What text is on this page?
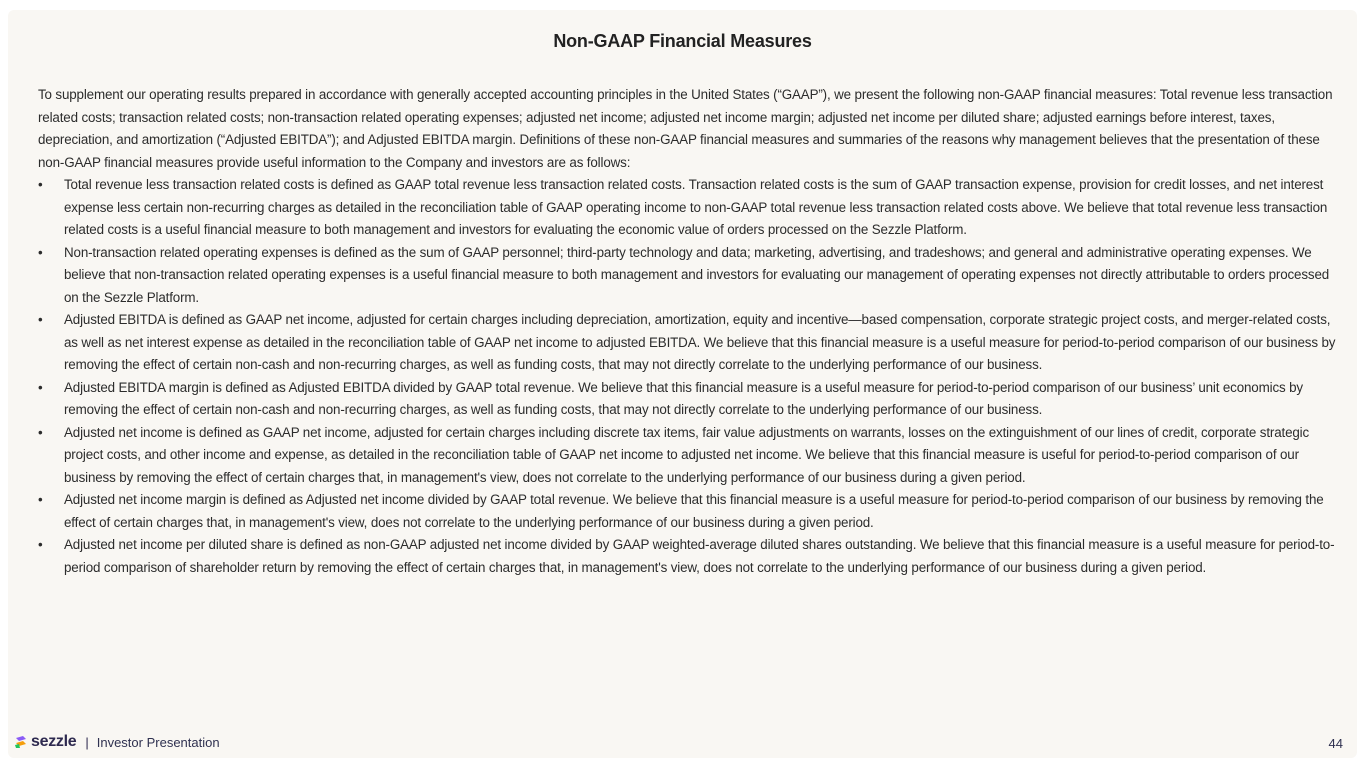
Non-GAAP Financial Measures

To supplement our operating results prepared in accordance with generally accepted accounting principles in the United States (“GAAP”), we present the following non-GAAP financial measures: Total revenue less transaction related costs; transaction related costs; non-transaction related operating expenses; adjusted net income; adjusted net income margin; adjusted net income per diluted share; adjusted earnings before interest, taxes, depreciation, and amortization (“Adjusted EBITDA”); and Adjusted EBITDA margin. Definitions of these non-GAAP financial measures and summaries of the reasons why management believes that the presentation of these non-GAAP financial measures provide useful information to the Company and investors are as follows:

• Total revenue less transaction related costs is defined as GAAP total revenue less transaction related costs. Transaction related costs is the sum of GAAP transaction expense, provision for credit losses, and net interest expense less certain non-recurring charges as detailed in the reconciliation table of GAAP operating income to non-GAAP total revenue less transaction related costs above. We believe that total revenue less transaction related costs is a useful financial measure to both management and investors for evaluating the economic value of orders processed on the Sezzle Platform.
• Non-transaction related operating expenses is defined as the sum of GAAP personnel; third-party technology and data; marketing, advertising, and tradeshows; and general and administrative operating expenses. We believe that non-transaction related operating expenses is a useful financial measure to both management and investors for evaluating our management of operating expenses not directly attributable to orders processed on the Sezzle Platform.
• Adjusted EBITDA is defined as GAAP net income, adjusted for certain charges including depreciation, amortization, equity and incentive—based compensation, corporate strategic project costs, and merger-related costs, as well as net interest expense as detailed in the reconciliation table of GAAP net income to adjusted EBITDA. We believe that this financial measure is a useful measure for period-to-period comparison of our business by removing the effect of certain non-cash and non-recurring charges, as well as funding costs, that may not directly correlate to the underlying performance of our business.
• Adjusted EBITDA margin is defined as Adjusted EBITDA divided by GAAP total revenue. We believe that this financial measure is a useful measure for period-to-period comparison of our business’ unit economics by removing the effect of certain non-cash and non-recurring charges, as well as funding costs, that may not directly correlate to the underlying performance of our business.
• Adjusted net income is defined as GAAP net income, adjusted for certain charges including discrete tax items, fair value adjustments on warrants, losses on the extinguishment of our lines of credit, corporate strategic project costs, and other income and expense, as detailed in the reconciliation table of GAAP net income to adjusted net income. We believe that this financial measure is useful for period-to-period comparison of our business by removing the effect of certain charges that, in management's view, does not correlate to the underlying performance of our business during a given period.
• Adjusted net income margin is defined as Adjusted net income divided by GAAP total revenue. We believe that this financial measure is a useful measure for period-to-period comparison of our business by removing the effect of certain charges that, in management's view, does not correlate to the underlying performance of our business during a given period.
• Adjusted net income per diluted share is defined as non-GAAP adjusted net income divided by GAAP weighted-average diluted shares outstanding. We believe that this financial measure is a useful measure for period-to-period comparison of shareholder return by removing the effect of certain charges that, in management's view, does not correlate to the underlying performance of our business during a given period.
sezzle | Investor Presentation	44
